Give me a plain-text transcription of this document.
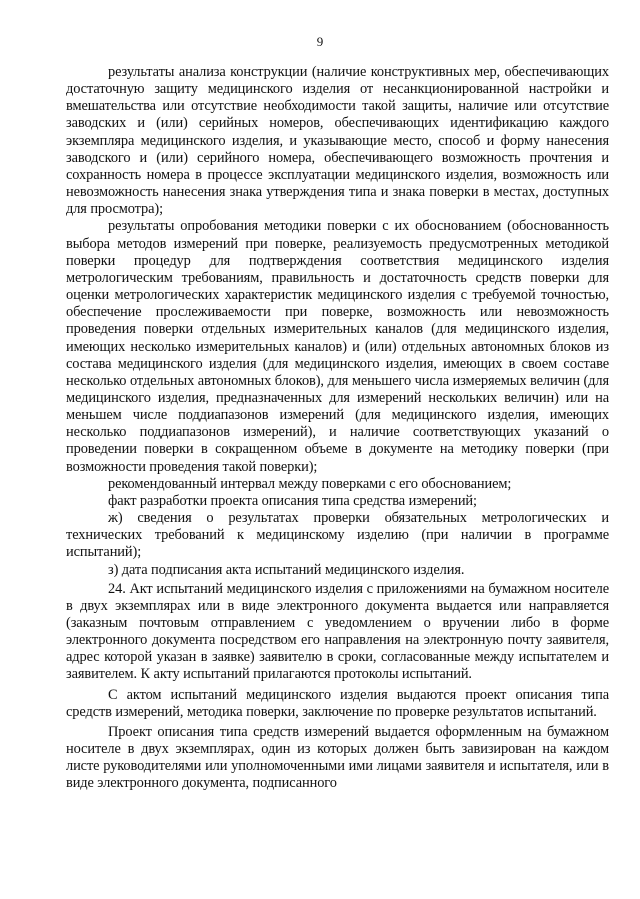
9

результаты анализа конструкции (наличие конструктивных мер, обеспечивающих достаточную защиту медицинского изделия от несанкционированной настройки и вмешательства или отсутствие необходимости такой защиты, наличие или отсутствие заводских и (или) серийных номеров, обеспечивающих идентификацию каждого экземпляра медицинского изделия, и указывающие место, способ и форму нанесения заводского и (или) серийного номера, обеспечивающего возможность прочтения и сохранность номера в процессе эксплуатации медицинского изделия, возможность или невозможность нанесения знака утверждения типа и знака поверки в местах, доступных для просмотра);

результаты опробования методики поверки с их обоснованием (обоснованность выбора методов измерений при поверке, реализуемость предусмотренных методикой поверки процедур для подтверждения соответствия медицинского изделия метрологическим требованиям, правильность и достаточность средств поверки для оценки метрологических характеристик медицинского изделия с требуемой точностью, обеспечение прослеживаемости при поверке, возможность или невозможность проведения поверки отдельных измерительных каналов (для медицинского изделия, имеющих несколько измерительных каналов) и (или) отдельных автономных блоков из состава медицинского изделия (для медицинского изделия, имеющих в своем составе несколько отдельных автономных блоков), для меньшего числа измеряемых величин (для медицинского изделия, предназначенных для измерений нескольких величин) или на меньшем числе поддиапазонов измерений (для медицинского изделия, имеющих несколько поддиапазонов измерений), и наличие соответствующих указаний о проведении поверки в сокращенном объеме в документе на методику поверки (при возможности проведения такой поверки);

рекомендованный интервал между поверками с его обоснованием;

факт разработки проекта описания типа средства измерений;

ж) сведения о результатах проверки обязательных метрологических и технических требований к медицинскому изделию (при наличии в программе испытаний);

з) дата подписания акта испытаний медицинского изделия.

24. Акт испытаний медицинского изделия с приложениями на бумажном носителе в двух экземплярах или в виде электронного документа выдается или направляется (заказным почтовым отправлением с уведомлением о вручении либо в форме электронного документа посредством его направления на электронную почту заявителя, адрес которой указан в заявке) заявителю в сроки, согласованные между испытателем и заявителем. К акту испытаний прилагаются протоколы испытаний.

С актом испытаний медицинского изделия выдаются проект описания типа средств измерений, методика поверки, заключение по проверке результатов испытаний.

Проект описания типа средств измерений выдается оформленным на бумажном носителе в двух экземплярах, один из которых должен быть завизирован на каждом листе руководителями или уполномоченными ими лицами заявителя и испытателя, или в виде электронного документа, подписанного
